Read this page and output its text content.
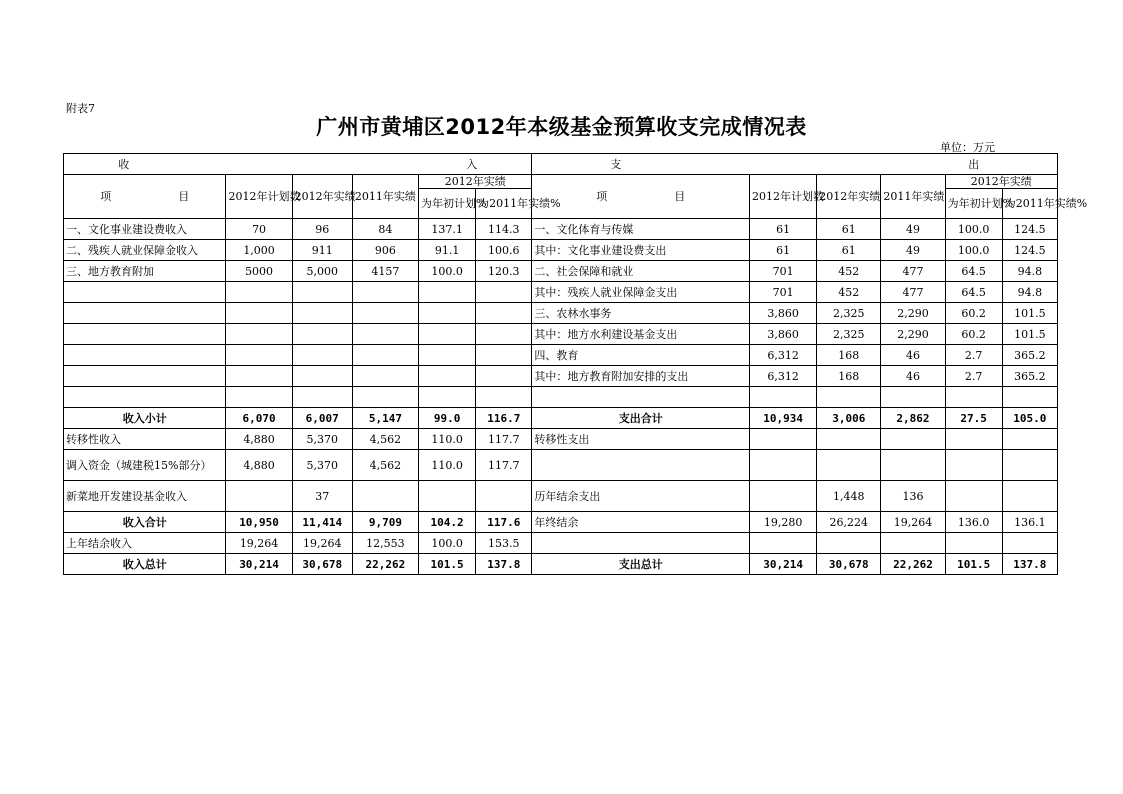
附表7
广州市黄埔区2012年本级基金预算收支完成情况表
单位：万元
收 入						支 出					
项 目	2012年计划数	2012年实绩	2011年实绩	2012年实绩		项 目	2012年计划数	2012年实绩	2011年实绩	2012年实绩	
				为年初计划%	为2011年实绩%					为年初计划%	为2011年实绩%
一、文化事业建设费收入	70	96	84	137.1	114.3	一、文化体育与传媒	61	61	49	100.0	124.5
二、残疾人就业保障金收入	1,000	911	906	91.1	100.6	其中：文化事业建设费支出	61	61	49	100.0	124.5
三、地方教育附加	5000	5,000	4157	100.0	120.3	二、社会保障和就业	701	452	477	64.5	94.8
						其中：残疾人就业保障金支出	701	452	477	64.5	94.8
						三、农林水事务	3,860	2,325	2,290	60.2	101.5
						其中：地方水利建设基金支出	3,860	2,325	2,290	60.2	101.5
						四、教育	6,312	168	46	2.7	365.2
						其中：地方教育附加安排的支出	6,312	168	46	2.7	365.2

收入小计	6,070	6,007	5,147	99.0	116.7	支出合计	10,934	3,006	2,862	27.5	105.0
转移性收入	4,880	5,370	4,562	110.0	117.7	转移性支出					
调入资金（城建税15%部分）	4,880	5,370	4,562	110.0	117.7						
新菜地开发建设基金收入		37				历年结余支出		1,448	136		
收入合计	10,950	11,414	9,709	104.2	117.6	年终结余	19,280	26,224	19,264	136.0	136.1
上年结余收入	19,264	19,264	12,553	100.0	153.5						
收入总计	30,214	30,678	22,262	101.5	137.8	支出总计	30,214	30,678	22,262	101.5	137.8
